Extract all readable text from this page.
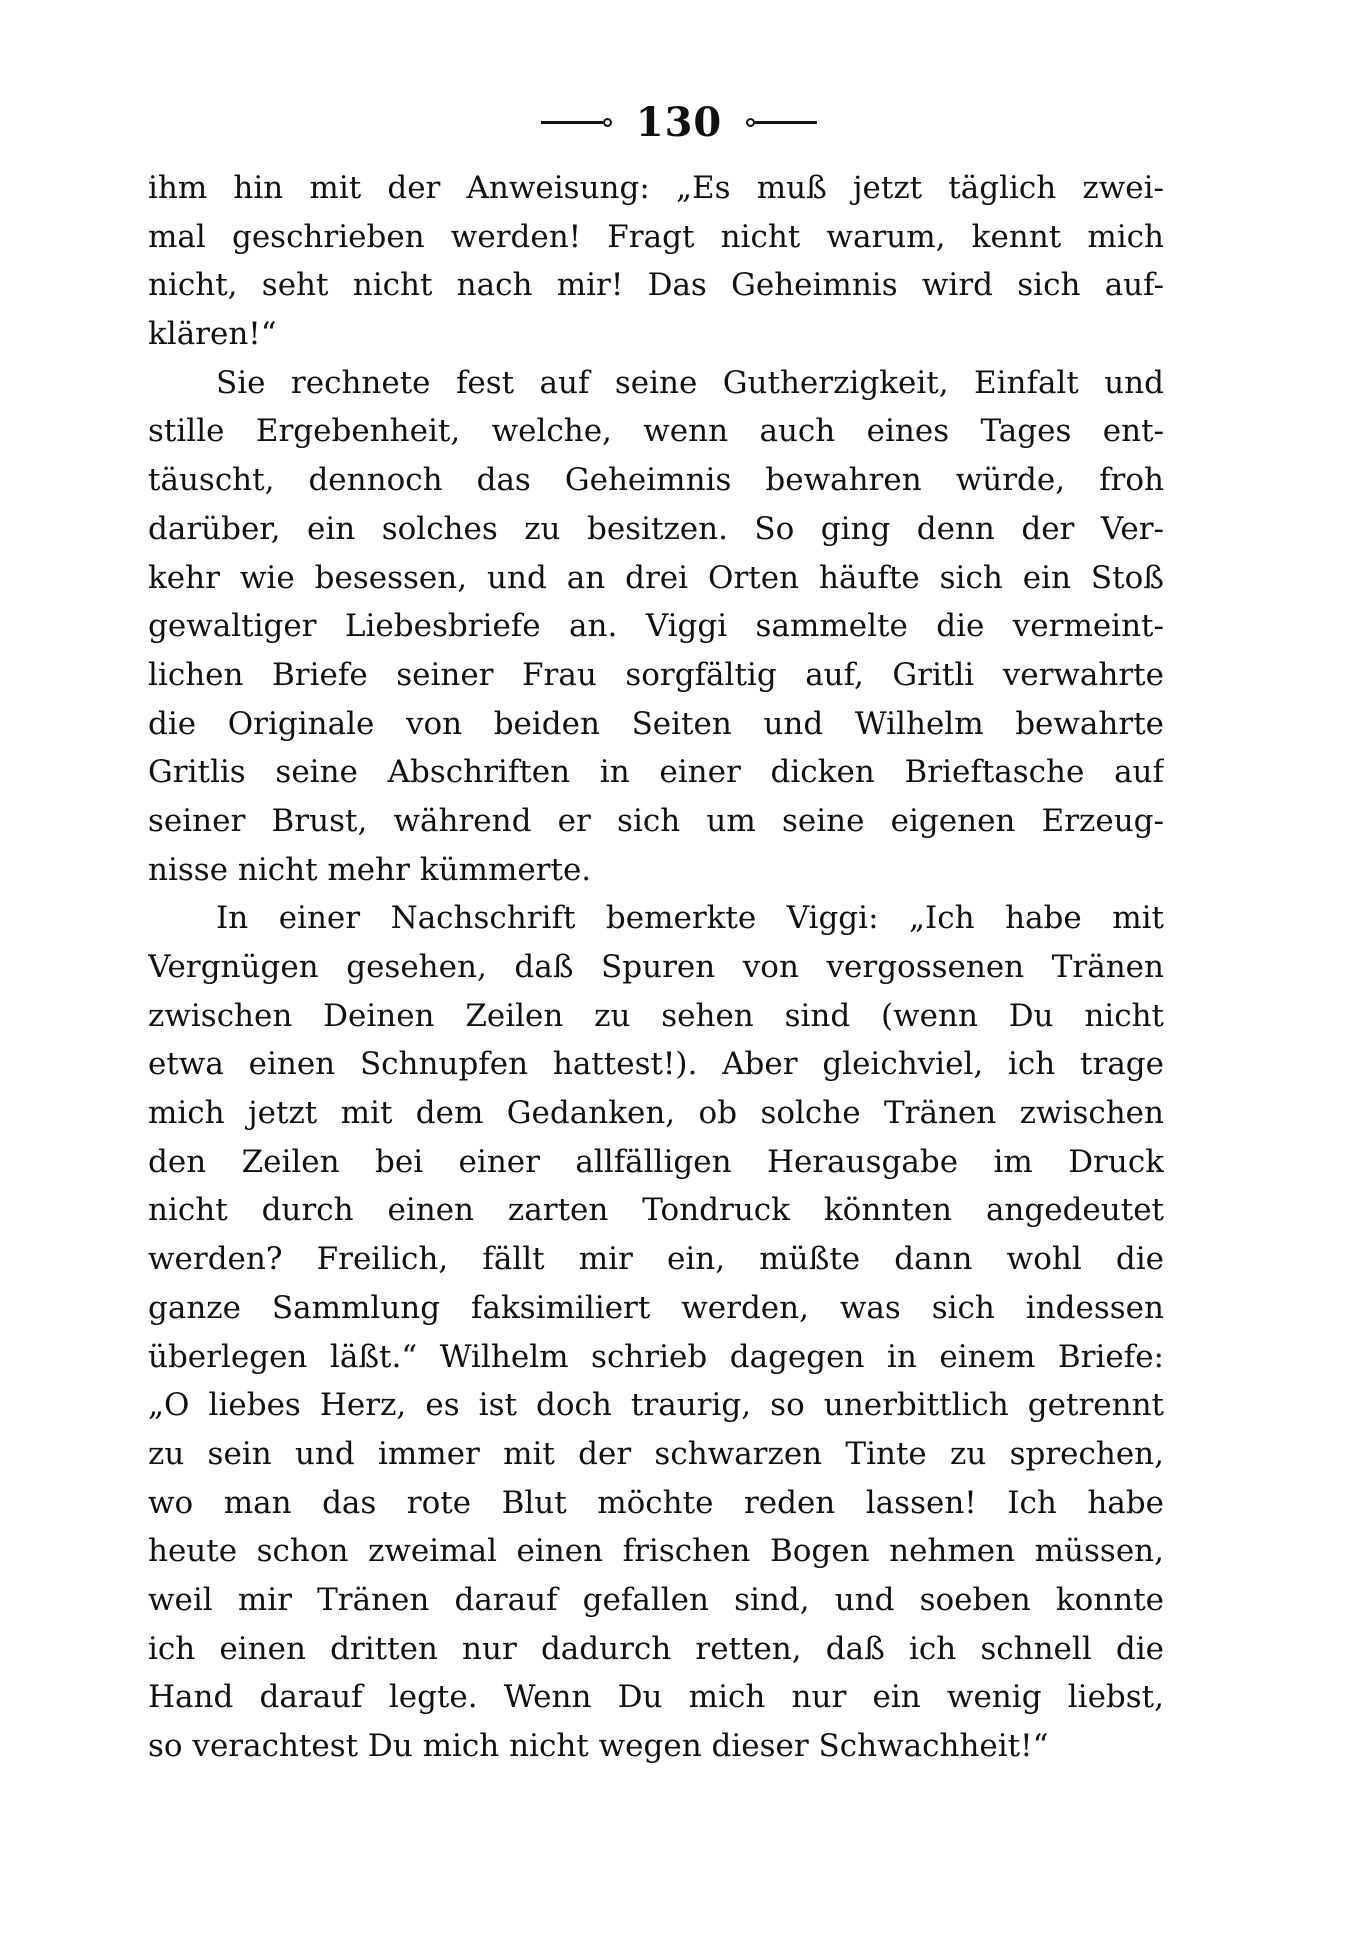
130
ihm hin mit der Anweisung: „Es muß jetzt täglich zwei-
mal geschrieben werden! Fragt nicht warum, kennt mich
nicht, seht nicht nach mir! Das Geheimnis wird sich auf-
klären!“
Sie rechnete fest auf seine Gutherzigkeit, Einfalt und
stille Ergebenheit, welche, wenn auch eines Tages ent-
täuscht, dennoch das Geheimnis bewahren würde, froh
darüber, ein solches zu besitzen. So ging denn der Ver-
kehr wie besessen, und an drei Orten häufte sich ein Stoß
gewaltiger Liebesbriefe an. Viggi sammelte die vermeint-
lichen Briefe seiner Frau sorgfältig auf, Gritli verwahrte
die Originale von beiden Seiten und Wilhelm bewahrte
Gritlis seine Abschriften in einer dicken Brieftasche auf
seiner Brust, während er sich um seine eigenen Erzeug-
nisse nicht mehr kümmerte.
In einer Nachschrift bemerkte Viggi: „Ich habe mit
Vergnügen gesehen, daß Spuren von vergossenen Tränen
zwischen Deinen Zeilen zu sehen sind (wenn Du nicht
etwa einen Schnupfen hattest!). Aber gleichviel, ich trage
mich jetzt mit dem Gedanken, ob solche Tränen zwischen
den Zeilen bei einer allfälligen Herausgabe im Druck
nicht durch einen zarten Tondruck könnten angedeutet
werden? Freilich, fällt mir ein, müßte dann wohl die
ganze Sammlung faksimiliert werden, was sich indessen
überlegen läßt.“ Wilhelm schrieb dagegen in einem Briefe:
„O liebes Herz, es ist doch traurig, so unerbittlich getrennt
zu sein und immer mit der schwarzen Tinte zu sprechen,
wo man das rote Blut möchte reden lassen! Ich habe
heute schon zweimal einen frischen Bogen nehmen müssen,
weil mir Tränen darauf gefallen sind, und soeben konnte
ich einen dritten nur dadurch retten, daß ich schnell die
Hand darauf legte. Wenn Du mich nur ein wenig liebst,
so verachtest Du mich nicht wegen dieser Schwachheit!“
